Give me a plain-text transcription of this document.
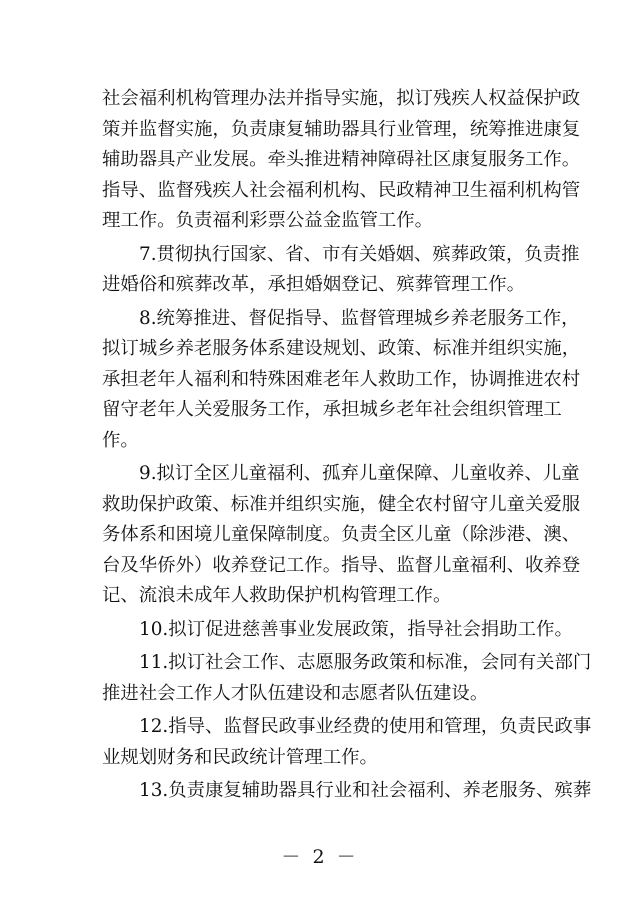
社会福利机构管理办法并指导实施，拟订残疾人权益保护政
策并监督实施，负责康复辅助器具行业管理，统筹推进康复
辅助器具产业发展。牵头推进精神障碍社区康复服务工作。
指导、监督残疾人社会福利机构、民政精神卫生福利机构管
理工作。负责福利彩票公益金监管工作。
7.贯彻执行国家、省、市有关婚姻、殡葬政策，负责推
进婚俗和殡葬改革，承担婚姻登记、殡葬管理工作。
8.统筹推进、督促指导、监督管理城乡养老服务工作，
拟订城乡养老服务体系建设规划、政策、标准并组织实施，
承担老年人福利和特殊困难老年人救助工作，协调推进农村
留守老年人关爱服务工作，承担城乡老年社会组织管理工
作。
9.拟订全区儿童福利、孤弃儿童保障、儿童收养、儿童
救助保护政策、标准并组织实施，健全农村留守儿童关爱服
务体系和困境儿童保障制度。负责全区儿童（除涉港、澳、
台及华侨外）收养登记工作。指导、监督儿童福利、收养登
记、流浪未成年人救助保护机构管理工作。
10.拟订促进慈善事业发展政策，指导社会捐助工作。
11.拟订社会工作、志愿服务政策和标准，会同有关部门
推进社会工作人才队伍建设和志愿者队伍建设。
12.指导、监督民政事业经费的使用和管理，负责民政事
业规划财务和民政统计管理工作。
13.负责康复辅助器具行业和社会福利、养老服务、殡葬
－ 2 －
